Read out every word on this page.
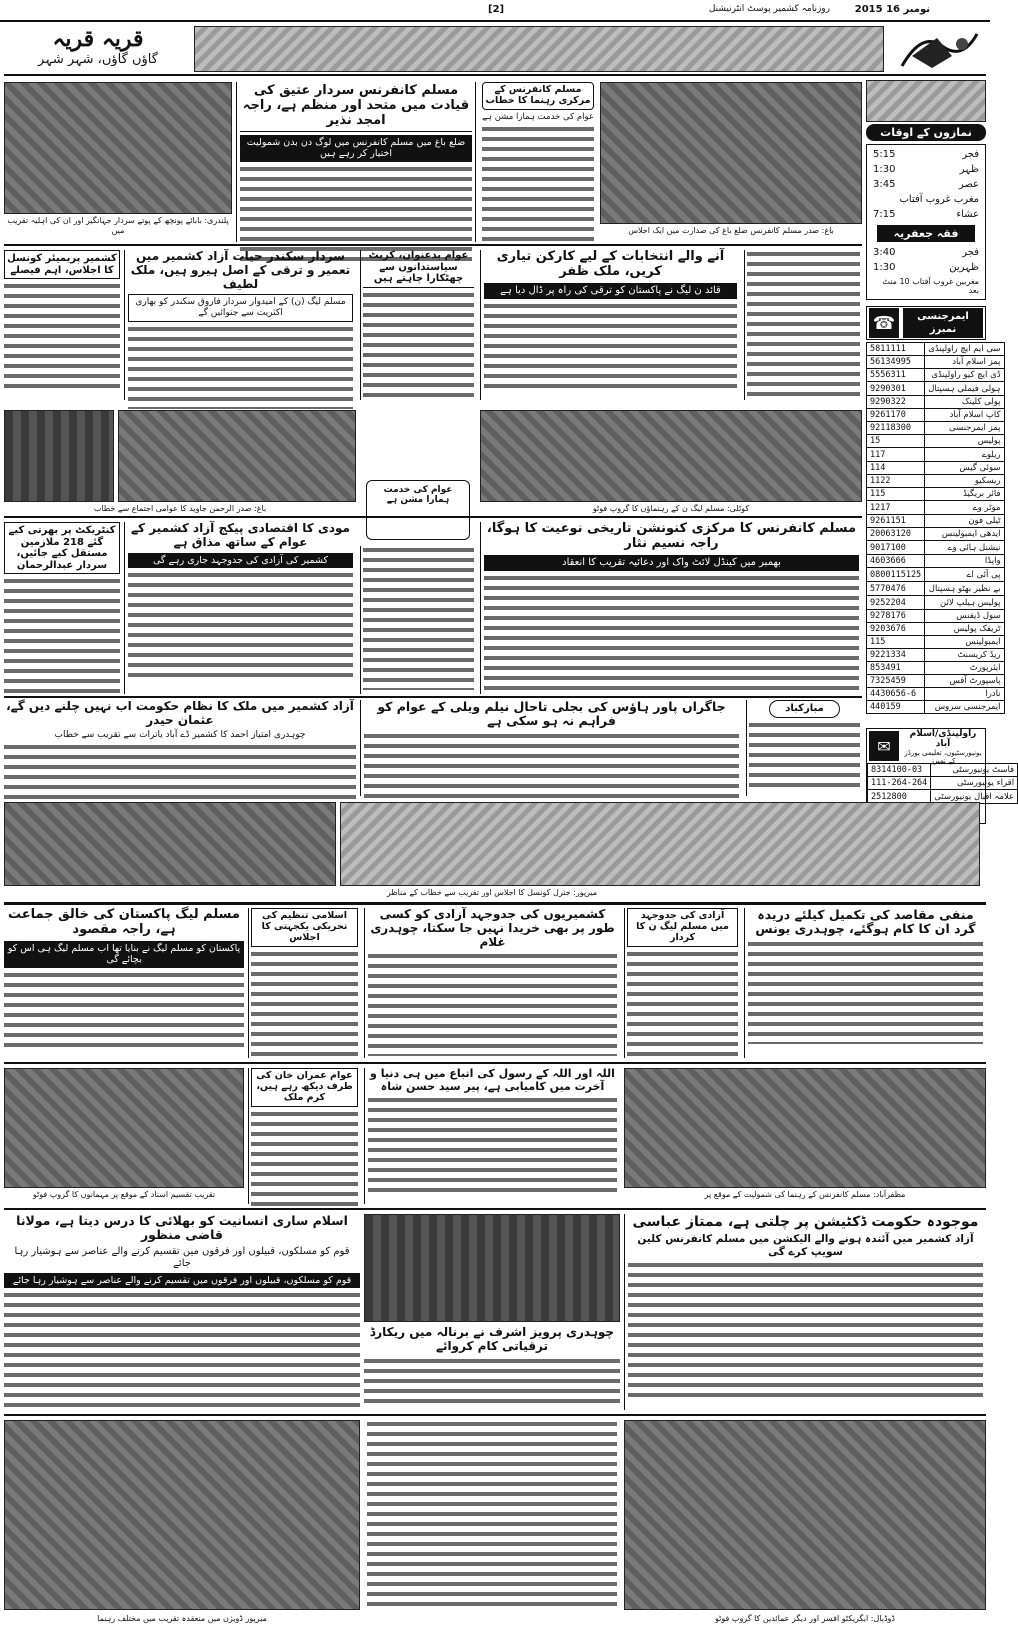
2015 نومبر 16
روزنامہ کشمیر پوسٹ انٹرنیشنل
[2]
قریہ قریہ
گاؤں گاؤں، شہر شہر
نمازوں کے اوقات
5:15	فجر
1:30	ظہر
3:45	عصر
مغرب غروب آفتاب
7:15	عشاء
فقہ جعفریہ
3:40	فجر
1:30	ظہرین
مغربین غروب آفتاب 10 منٹ بعد
☎	ایمرجنسی نمبرز
5811111	سی ایم ایچ راولپنڈی
56134995	پمز اسلام آباد
5556311	ڈی ایچ کیو راولپنڈی
9290301	ہولی فیملی ہسپتال
9290322	پولی کلینک
9261170	کاپ اسلام آباد
92118300	پمز ایمرجنسی
15	پولیس
117	ریلوے
114	سوئی گیس
1122	ریسکیو
115	فائر بریگیڈ
1217	موٹر وے
9261151	ٹیلی فون
20063120	ایدھی ایمبولینس
9017100	نیشنل ہائی وے
4603666	واپڈا
0800115125	پی آئی اے
5770476	بے نظیر بھٹو ہسپتال
9252204	پولیس ہیلپ لائن
9278176	سول ڈیفنس
9203676	ٹریفک پولیس
115	ایمبولینس
9221334	ریڈ کریسنٹ
853491	ایئرپورٹ
7325459	پاسپورٹ آفس
4430656-6	نادرا
440159	ایمرجنسی سروس
✉
راولپنڈی/اسلام آباد
یونیورسٹیوں، تعلیمی بورڈز کے نمبرز
8314100-03	فاسٹ یونیورسٹی
111-264-264	اقراء یونیورسٹی
2512800	علامہ اقبال یونیورسٹی
پلندری: بابائے پونچھ کے پوتے سردار جہانگیر اور ان کی اہلیہ تقریب میں
مسلم کانفرنس سردار عتیق کی قیادت میں متحد اور منظم ہے، راجہ امجد نذیر
ضلع باغ میں مسلم کانفرنس میں لوگ دن بدن شمولیت اختیار کر رہے ہیں
مسلم کانفرنس کے مرکزی رہنما کا خطاب
عوام کی خدمت ہمارا مشن ہے
باغ: صدر مسلم کانفرنس ضلع باغ کی صدارت میں ایک اجلاس
کشمیر پریمیئر کونسل کا اجلاس، اہم فیصلے
سردار سکندر حیات آزاد کشمیر میں تعمیر و ترقی کے اصل ہیرو ہیں، ملک لطیف
مسلم لیگ (ن) کے امیدوار سردار فاروق سکندر کو بھاری اکثریت سے جتوائیں گے
عوام بدعنوان، کرپٹ سیاستدانوں سے چھٹکارا چاہتے ہیں
آنے والے انتخابات کے لیے کارکن تیاری کریں، ملک ظفر
قائد ن لیگ نے پاکستان کو ترقی کی راہ پر ڈال دیا ہے
باغ: صدر الرحمن جاوید کا عوامی اجتماع سے خطاب
عوام کی خدمت ہمارا مشن ہے
کوٹلی: مسلم لیگ ن کے رہنماؤں کا گروپ فوٹو
کنٹریکٹ پر بھرتی کیے گئے 218 ملازمین مستقل کیے جائیں، سردار عبدالرحمان
مودی کا اقتصادی پیکج آزاد کشمیر کے عوام کے ساتھ مذاق ہے
کشمیر کی آزادی کی جدوجہد جاری رہے گی
مسلم کانفرنس کا مرکزی کنونشن تاریخی نوعیت کا ہوگا، راجہ نسیم نثار
بھمبر میں کینڈل لائٹ واک اور دعائیہ تقریب کا انعقاد
آزاد کشمیر میں ملک کا نظام حکومت اب نہیں چلنے دیں گے، عثمان حیدر
چوہدری امتیاز احمد کا کشمیر ڈے آباد یاترات سے تقریب سے خطاب
جاگراں پاور ہاؤس کی بجلی تاحال نیلم ویلی کے عوام کو فراہم نہ ہو سکی ہے
مبارکباد
میرپور: جنرل کونسل کا اجلاس اور تقریب سے خطاب کے مناظر
مسلم لیگ پاکستان کی خالق جماعت ہے، راجہ مقصود
پاکستان کو مسلم لیگ نے بنایا تھا اب مسلم لیگ ہی اس کو بچائے گی
اسلامی تنظیم کی تحریکی یکجہتی کا اجلاس
کشمیریوں کی جدوجہد آزادی کو کسی طور پر بھی خریدا نہیں جا سکتا، چوہدری غلام
آزادی کی جدوجہد میں مسلم لیگ ن کا کردار
منفی مقاصد کی تکمیل کیلئے دریدہ گرد ان کا کام ہوگئے، چوہدری یونس
تقریب تقسیم اسناد کے موقع پر مہمانوں کا گروپ فوٹو
عوام عمران خان کی طرف دیکھ رہے ہیں، کرم ملک
اللہ اور اللہ کے رسول کی اتباع میں ہی دنیا و آخرت میں کامیابی ہے، پیر سید حسن شاہ
مظفرآباد: مسلم کانفرنس کے رہنما کی شمولیت کے موقع پر
اسلام ساری انسانیت کو بھلائی کا درس دیتا ہے، مولانا قاضی منظور
قوم کو مسلکوں، قبیلوں اور فرقوں میں تقسیم کرنے والے عناصر سے ہوشیار رہا جائے
قوم کو مسلکوں، قبیلوں اور فرقوں میں تقسیم کرنے والے عناصر سے ہوشیار رہا جائے
چوہدری پرویز اشرف نے برنالہ میں ریکارڈ ترقیاتی کام کروائے
موجودہ حکومت ڈکٹیشن پر چلتی ہے، ممتاز عباسی
آزاد کشمیر میں آئندہ ہونے والے الیکشن میں مسلم کانفرنس کلین سویپ کرے گی
میرپور ڈویژن میں منعقدہ تقریب میں مختلف رہنما	ڈوڈیال: ایگزیکٹو افسر اور دیگر عمائدین کا گروپ فوٹو
